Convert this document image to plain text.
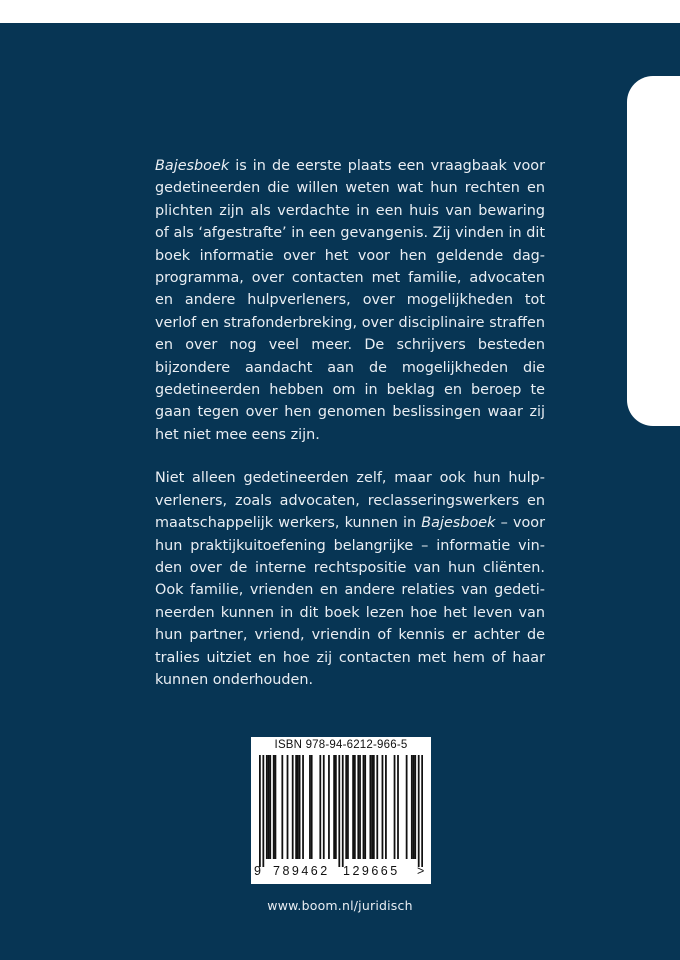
Bajesboek is in de eerste plaats een vraagbaak voor gedetineerden die willen weten wat hun rechten en plichten zijn als verdachte in een huis van bewaring of als ‘afgestrafte’ in een gevangenis. Zij vinden in dit boek informatie over het voor hen geldende dag-programma, over contacten met familie, advocaten en andere hulpverleners, over mogelijkheden tot verlof en strafonderbreking, over disciplinaire straffen en over nog veel meer. De schrijvers besteden bijzondere aandacht aan de mogelijkheden die gedetineerden hebben om in beklag en beroep te gaan tegen over hen genomen beslissingen waar zij het niet mee eens zijn.

Niet alleen gedetineerden zelf, maar ook hun hulp-verleners, zoals advocaten, reclasseringswerkers en maatschappelijk werkers, kunnen in Bajesboek – voor hun praktijkuitoefening belangrijke – informatie vin-den over de interne rechtspositie van hun cliënten. Ook familie, vrienden en andere relaties van gedeti-neerden kunnen in dit boek lezen hoe het leven van hun partner, vriend, vriendin of kennis er achter de tralies uitziet en hoe zij contacten met hem of haar kunnen onderhouden.

ISBN 978-94-6212-966-5
9 789462 129665 >
www.boom.nl/juridisch
